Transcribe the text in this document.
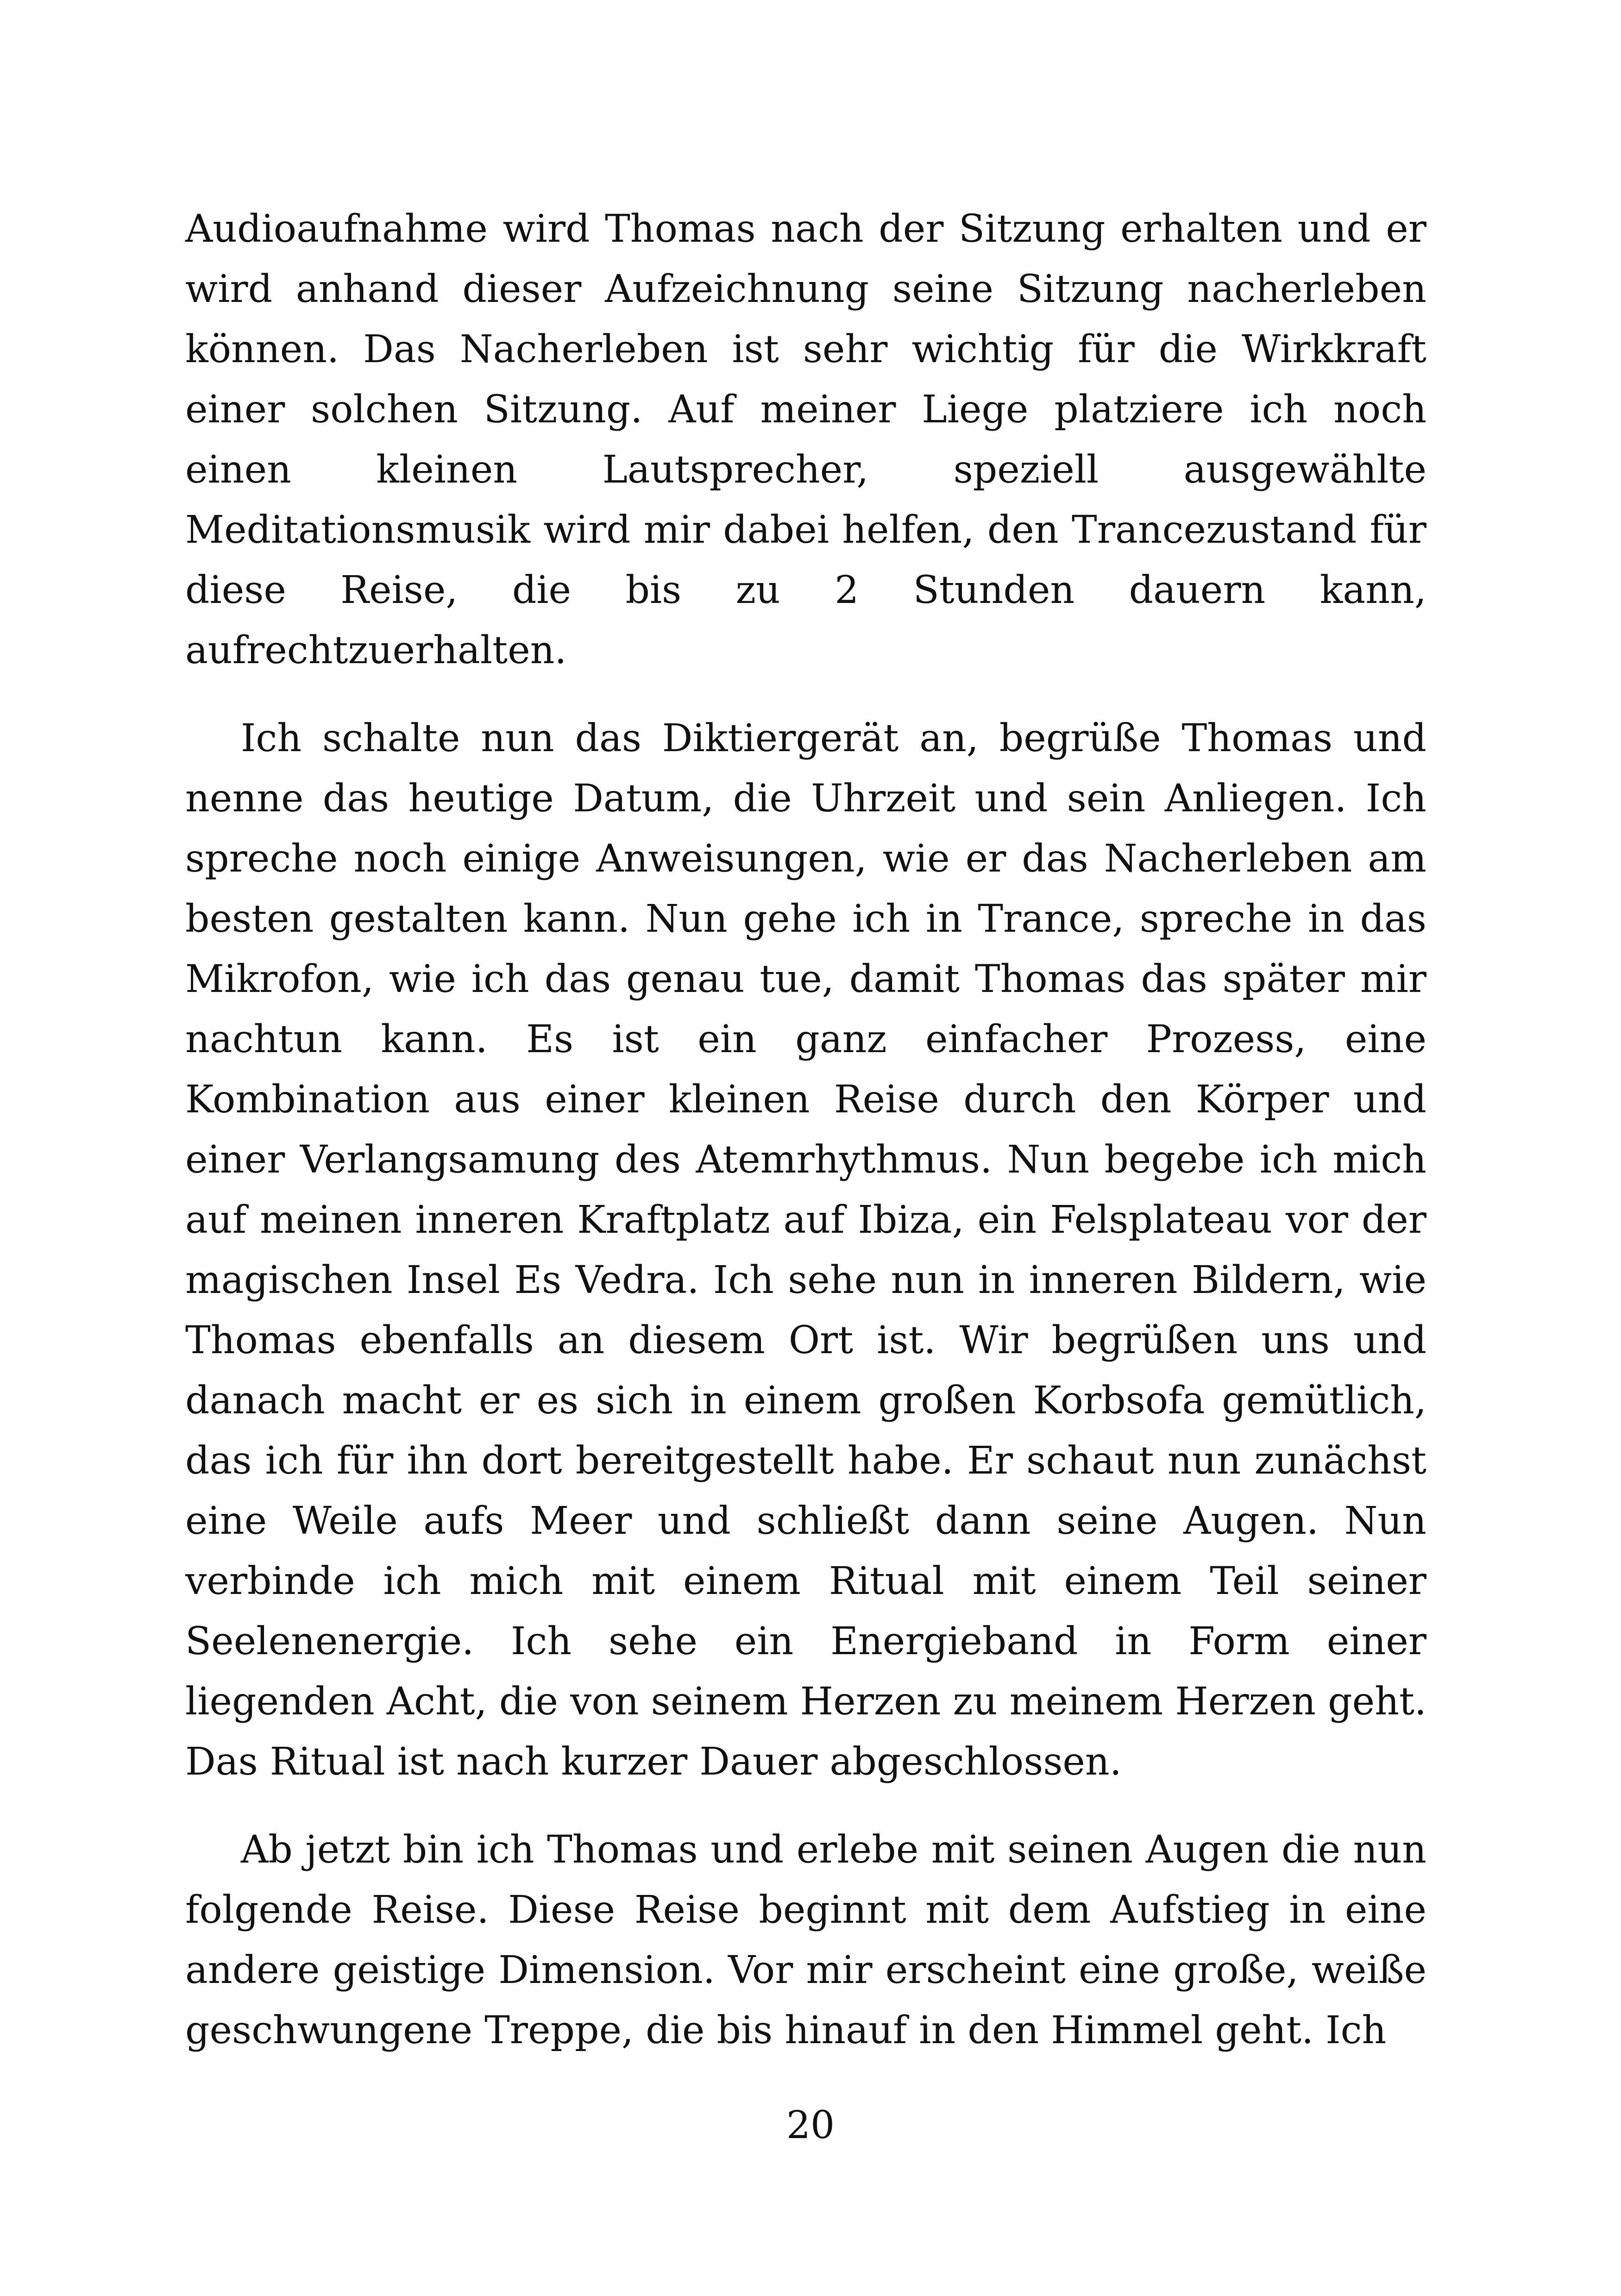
Audioaufnahme wird Thomas nach der Sitzung erhalten und er wird anhand dieser Aufzeichnung seine Sitzung nacherleben können. Das Nacherleben ist sehr wichtig für die Wirkkraft einer solchen Sitzung. Auf meiner Liege platziere ich noch einen kleinen Lautsprecher, speziell ausgewählte Meditationsmusik wird mir dabei helfen, den Trancezustand für diese Reise, die bis zu 2 Stunden dauern kann, aufrechtzuerhalten.

Ich schalte nun das Diktiergerät an, begrüße Thomas und nenne das heutige Datum, die Uhrzeit und sein Anliegen. Ich spreche noch einige Anweisungen, wie er das Nacherleben am besten gestalten kann. Nun gehe ich in Trance, spreche in das Mikrofon, wie ich das genau tue, damit Thomas das später mir nachtun kann. Es ist ein ganz einfacher Prozess, eine Kombination aus einer kleinen Reise durch den Körper und einer Verlangsamung des Atemrhythmus. Nun begebe ich mich auf meinen inneren Kraftplatz auf Ibiza, ein Felsplateau vor der magischen Insel Es Vedra. Ich sehe nun in inneren Bildern, wie Thomas ebenfalls an diesem Ort ist. Wir begrüßen uns und danach macht er es sich in einem großen Korbsofa gemütlich, das ich für ihn dort bereitgestellt habe. Er schaut nun zunächst eine Weile aufs Meer und schließt dann seine Augen. Nun verbinde ich mich mit einem Ritual mit einem Teil seiner Seelenenergie. Ich sehe ein Energieband in Form einer liegenden Acht, die von seinem Herzen zu meinem Herzen geht. Das Ritual ist nach kurzer Dauer abgeschlossen.

Ab jetzt bin ich Thomas und erlebe mit seinen Augen die nun folgende Reise. Diese Reise beginnt mit dem Aufstieg in eine andere geistige Dimension. Vor mir erscheint eine große, weiße geschwungene Treppe, die bis hinauf in den Himmel geht. Ich

20
